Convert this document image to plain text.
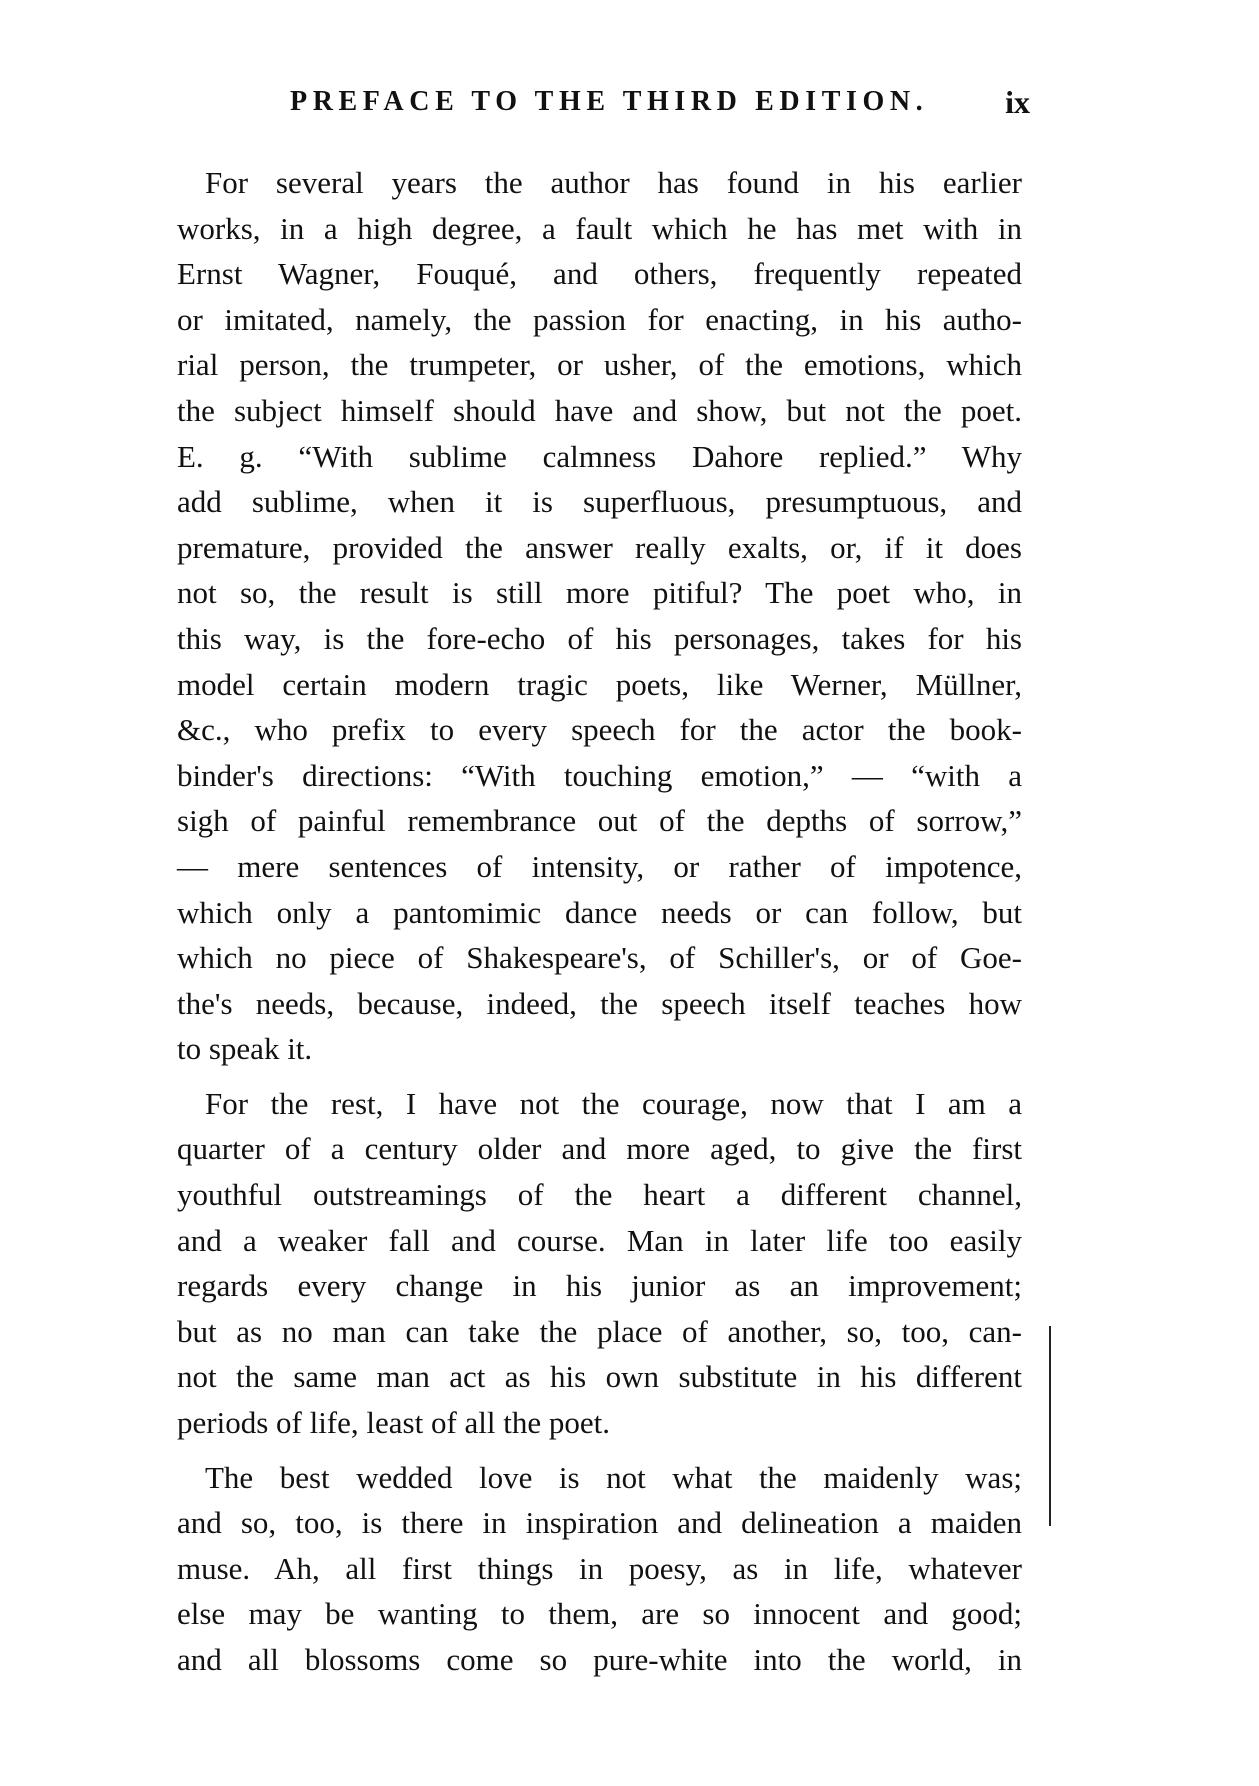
PREFACE TO THE THIRD EDITION. ix
For several years the author has found in his earlier
works, in a high degree, a fault which he has met with in
Ernst Wagner, Fouqué, and others, frequently repeated
or imitated, namely, the passion for enacting, in his autho-
rial person, the trumpeter, or usher, of the emotions, which
the subject himself should have and show, but not the poet.
E. g. “With sublime calmness Dahore replied.” Why
add sublime, when it is superfluous, presumptuous, and
premature, provided the answer really exalts, or, if it does
not so, the result is still more pitiful? The poet who, in
this way, is the fore-echo of his personages, takes for his
model certain modern tragic poets, like Werner, Müllner,
&c., who prefix to every speech for the actor the book-
binder's directions: “With touching emotion,” — “with a
sigh of painful remembrance out of the depths of sorrow,”
— mere sentences of intensity, or rather of impotence,
which only a pantomimic dance needs or can follow, but
which no piece of Shakespeare's, of Schiller's, or of Goe-
the's needs, because, indeed, the speech itself teaches how
to speak it.
For the rest, I have not the courage, now that I am a
quarter of a century older and more aged, to give the first
youthful outstreamings of the heart a different channel,
and a weaker fall and course. Man in later life too easily
regards every change in his junior as an improvement;
but as no man can take the place of another, so, too, can-
not the same man act as his own substitute in his different
periods of life, least of all the poet.
The best wedded love is not what the maidenly was;
and so, too, is there in inspiration and delineation a maiden
muse. Ah, all first things in poesy, as in life, whatever
else may be wanting to them, are so innocent and good;
and all blossoms come so pure-white into the world, in
